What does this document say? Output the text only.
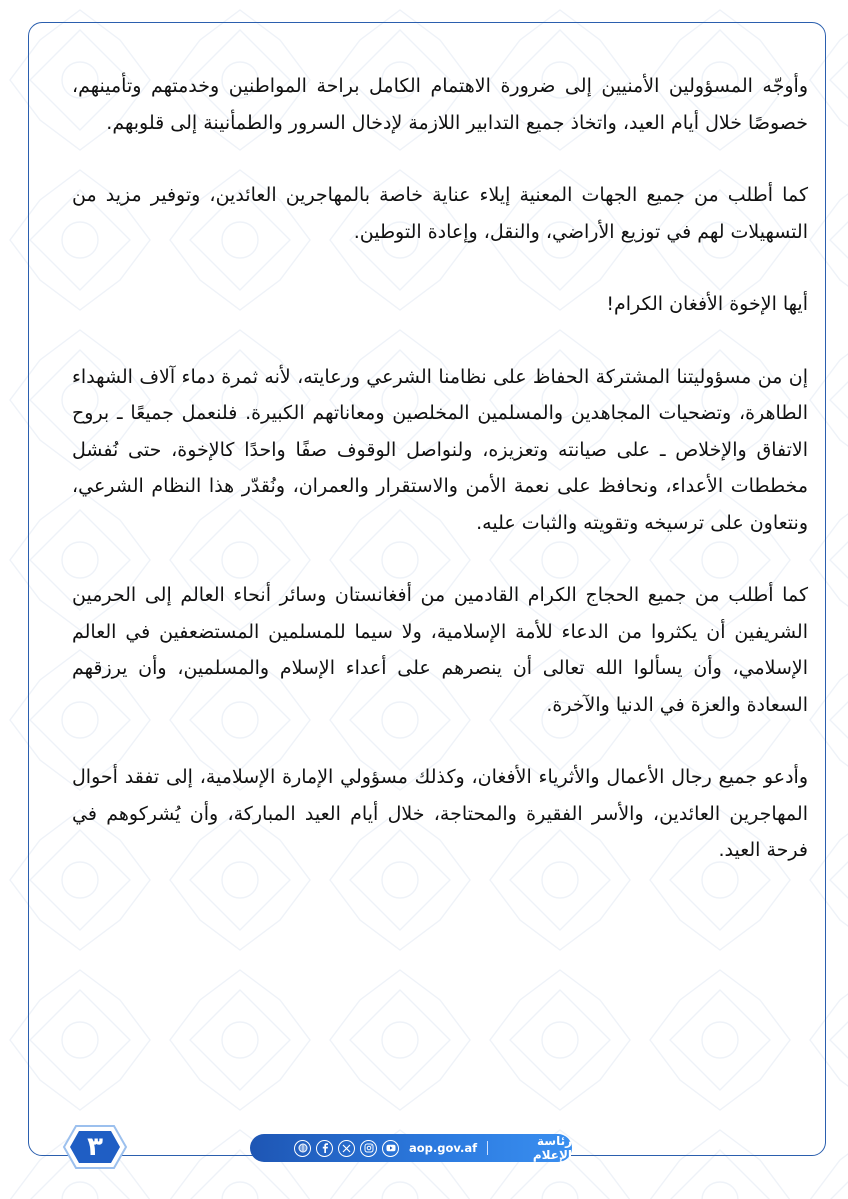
وأوجّه المسؤولين الأمنيين إلى ضرورة الاهتمام الكامل براحة المواطنين وخدمتهم وتأمينهم، خصوصًا خلال أيام العيد، واتخاذ جميع التدابير اللازمة لإدخال السرور والطمأنينة إلى قلوبهم.

كما أطلب من جميع الجهات المعنية إيلاء عناية خاصة بالمهاجرين العائدين، وتوفير مزيد من التسهيلات لهم في توزيع الأراضي، والنقل، وإعادة التوطين.

أيها الإخوة الأفغان الكرام!

إن من مسؤوليتنا المشتركة الحفاظ على نظامنا الشرعي ورعايته، لأنه ثمرة دماء آلاف الشهداء الطاهرة، وتضحيات المجاهدين والمسلمين المخلصين ومعاناتهم الكبيرة. فلنعمل جميعًا ـ بروح الاتفاق والإخلاص ـ على صيانته وتعزيزه، ولنواصل الوقوف صفًا واحدًا كالإخوة، حتى نُفشل مخططات الأعداء، ونحافظ على نعمة الأمن والاستقرار والعمران، ونُقدّر هذا النظام الشرعي، ونتعاون على ترسيخه وتقويته والثبات عليه.

كما أطلب من جميع الحجاج الكرام القادمين من أفغانستان وسائر أنحاء العالم إلى الحرمين الشريفين أن يكثروا من الدعاء للأمة الإسلامية، ولا سيما للمسلمين المستضعفين في العالم الإسلامي، وأن يسألوا الله تعالى أن ينصرهم على أعداء الإسلام والمسلمين، وأن يرزقهم السعادة والعزة في الدنيا والآخرة.

وأدعو جميع رجال الأعمال والأثرياء الأفغان، وكذلك مسؤولي الإمارة الإسلامية، إلى تفقد أحوال المهاجرين العائدين، والأسر الفقيرة والمحتاجة، خلال أيام العيد المباركة، وأن يُشركوهم في فرحة العيد.

٣	aop.gov.af	رئاسة الإعلام
